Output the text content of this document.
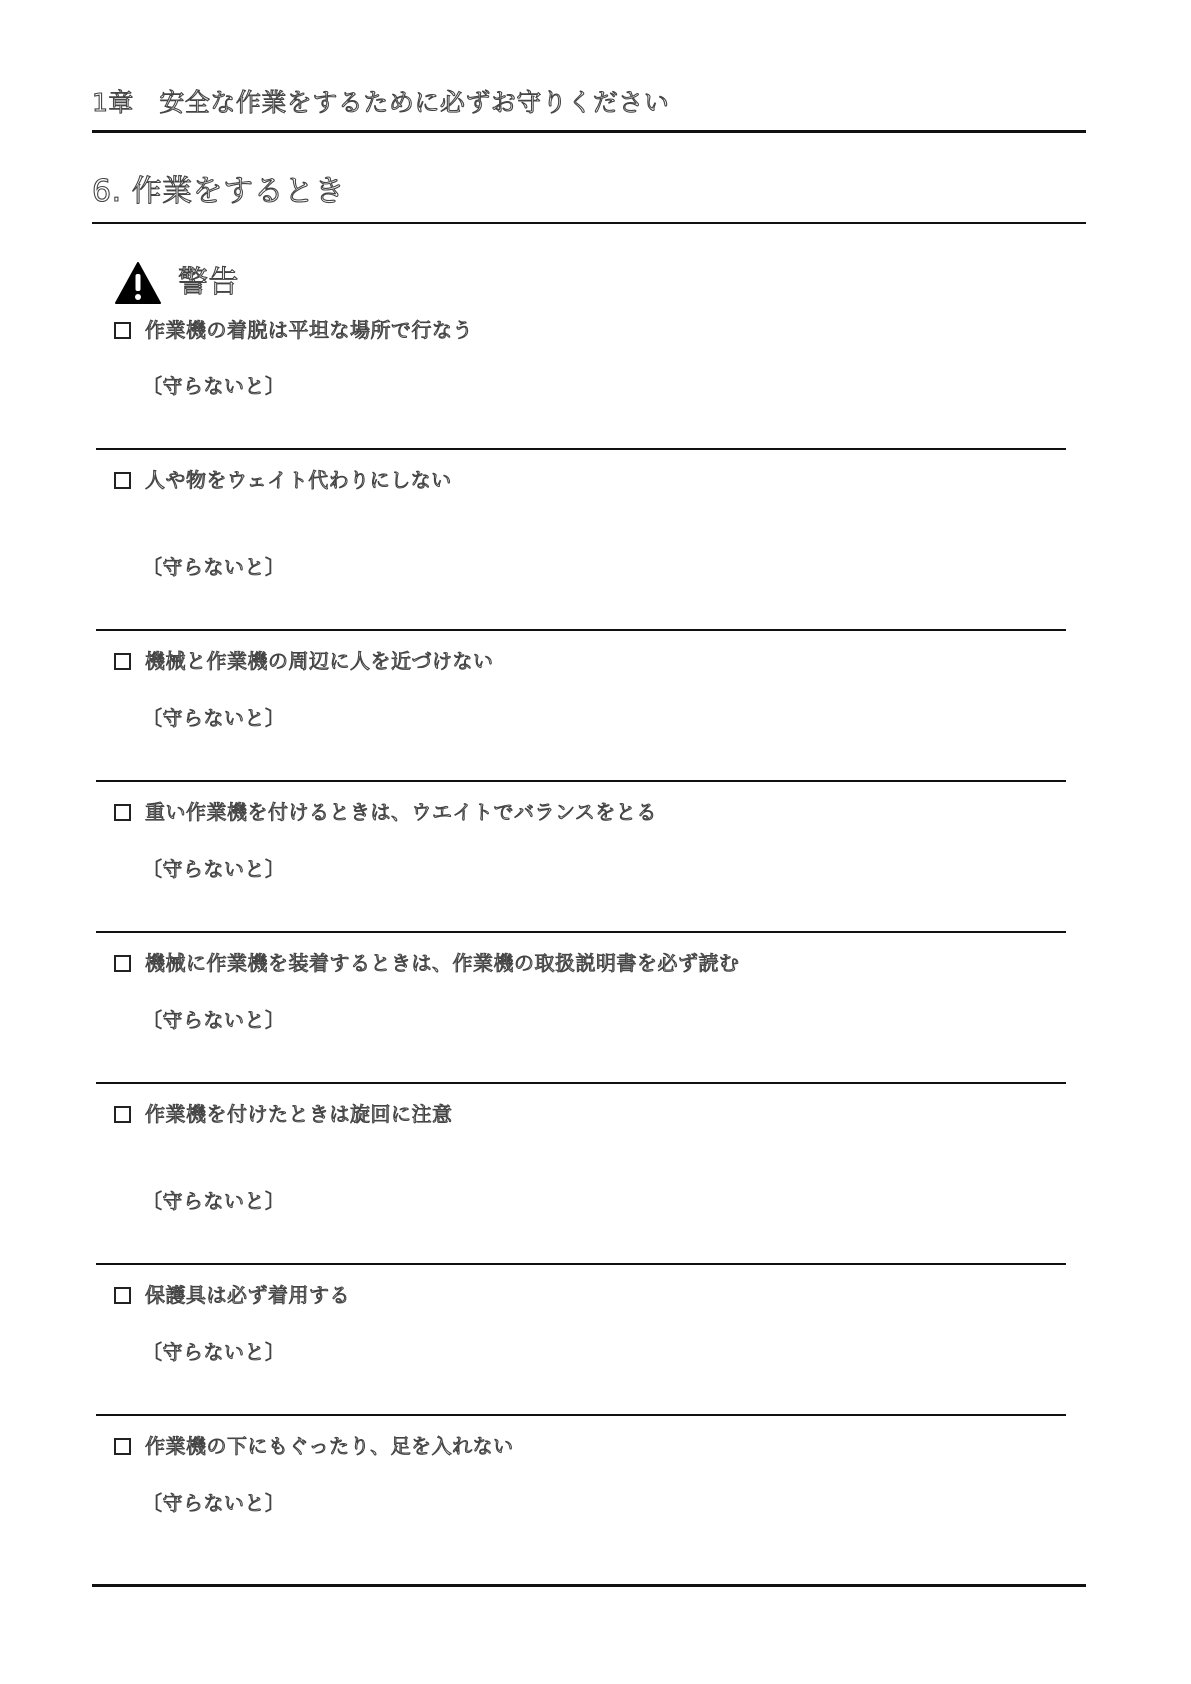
1章　安全な作業をするために必ずお守りください
6. 作業をするとき
警告
作業機の着脱は平坦な場所で行なう
〔守らないと〕
人や物をウェイト代わりにしない
〔守らないと〕
機械と作業機の周辺に人を近づけない
〔守らないと〕
重い作業機を付けるときは、ウエイトでバランスをとる
〔守らないと〕
機械に作業機を装着するときは、作業機の取扱説明書を必ず読む
〔守らないと〕
作業機を付けたときは旋回に注意
〔守らないと〕
保護具は必ず着用する
〔守らないと〕
作業機の下にもぐったり、足を入れない
〔守らないと〕
